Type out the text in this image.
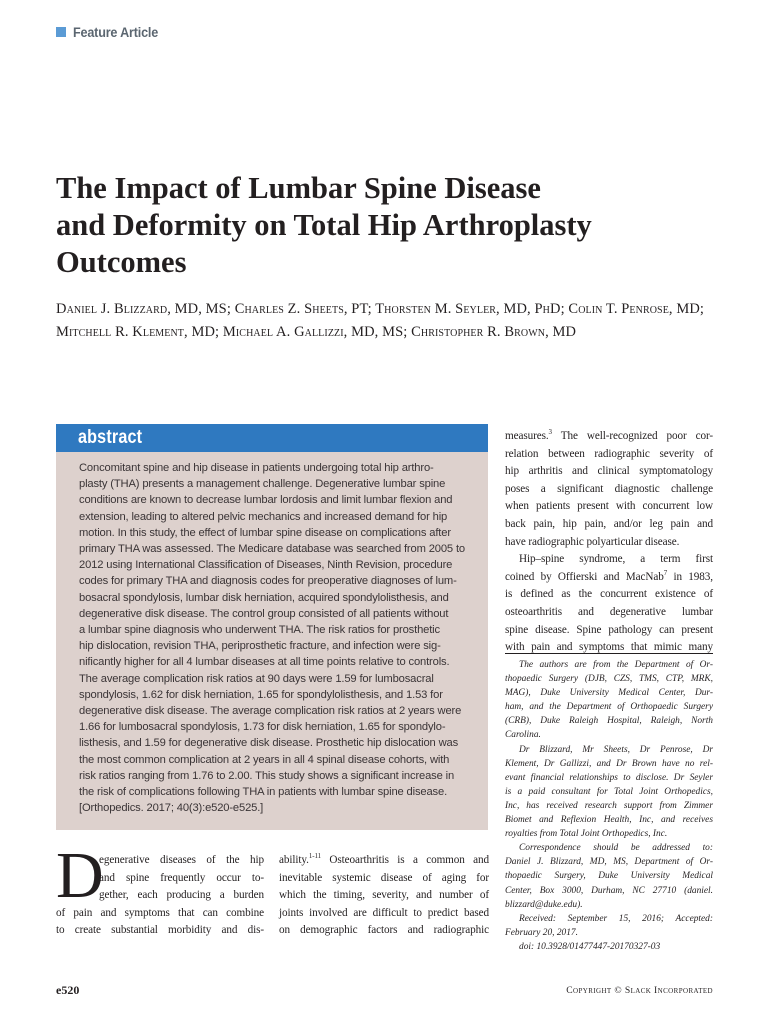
Feature Article
The Impact of Lumbar Spine Disease
and Deformity on Total Hip Arthroplasty
Outcomes
Daniel J. Blizzard, MD, MS; Charles Z. Sheets, PT; Thorsten M. Seyler, MD, PhD; Colin T. Penrose, MD;
Mitchell R. Klement, MD; Michael A. Gallizzi, MD, MS; Christopher R. Brown, MD
abstract
Concomitant spine and hip disease in patients undergoing total hip arthro-
plasty (THA) presents a management challenge. Degenerative lumbar spine
conditions are known to decrease lumbar lordosis and limit lumbar flexion and
extension, leading to altered pelvic mechanics and increased demand for hip
motion. In this study, the effect of lumbar spine disease on complications after
primary THA was assessed. The Medicare database was searched from 2005 to
2012 using International Classification of Diseases, Ninth Revision, procedure
codes for primary THA and diagnosis codes for preoperative diagnoses of lum-
bosacral spondylosis, lumbar disk herniation, acquired spondylolisthesis, and
degenerative disk disease. The control group consisted of all patients without
a lumbar spine diagnosis who underwent THA. The risk ratios for prosthetic
hip dislocation, revision THA, periprosthetic fracture, and infection were sig-
nificantly higher for all 4 lumbar diseases at all time points relative to controls.
The average complication risk ratios at 90 days were 1.59 for lumbosacral
spondylosis, 1.62 for disk herniation, 1.65 for spondylolisthesis, and 1.53 for
degenerative disk disease. The average complication risk ratios at 2 years were
1.66 for lumbosacral spondylosis, 1.73 for disk herniation, 1.65 for spondylo-
listhesis, and 1.59 for degenerative disk disease. Prosthetic hip dislocation was
the most common complication at 2 years in all 4 spinal disease cohorts, with
risk ratios ranging from 1.76 to 2.00. This study shows a significant increase in
the risk of complications following THA in patients with lumbar spine disease.
[Orthopedics. 2017; 40(3):e520-e525.]
D
egenerative diseases of the hip
and spine frequently occur to-
gether, each producing a burden
of pain and symptoms that can combine
to create substantial morbidity and dis-
ability.$^{1-11}$ Osteoarthritis is a common and
inevitable systemic disease of aging for
which the timing, severity, and number of
joints involved are difficult to predict based
on demographic factors and radiographic
measures.$^3$ The well-recognized poor cor-
relation between radiographic severity of
hip arthritis and clinical symptomatology
poses a significant diagnostic challenge
when patients present with concurrent low
back pain, hip pain, and/or leg pain and
have radiographic polyarticular disease.
Hip–spine syndrome, a term first
coined by Offierski and MacNab$^7$ in 1983,
is defined as the concurrent existence of
osteoarthritis and degenerative lumbar
spine disease. Spine pathology can present
with pain and symptoms that mimic many
The authors are from the Department of Or-
thopaedic Surgery (DJB, CZS, TMS, CTP, MRK,
MAG), Duke University Medical Center, Dur-
ham, and the Department of Orthopaedic Surgery
(CRB), Duke Raleigh Hospital, Raleigh, North
Carolina.
Dr Blizzard, Mr Sheets, Dr Penrose, Dr
Klement, Dr Gallizzi, and Dr Brown have no rel-
evant financial relationships to disclose. Dr Seyler
is a paid consultant for Total Joint Orthopedics,
Inc, has received research support from Zimmer
Biomet and Reflexion Health, Inc, and receives
royalties from Total Joint Orthopedics, Inc.
Correspondence should be addressed to:
Daniel J. Blizzard, MD, MS, Department of Or-
thopaedic Surgery, Duke University Medical
Center, Box 3000, Durham, NC 27710 (daniel.
blizzard@duke.edu).
Received: September 15, 2016; Accepted:
February 20, 2017.
doi: 10.3928/01477447-20170327-03
e520	Copyright © Slack Incorporated
